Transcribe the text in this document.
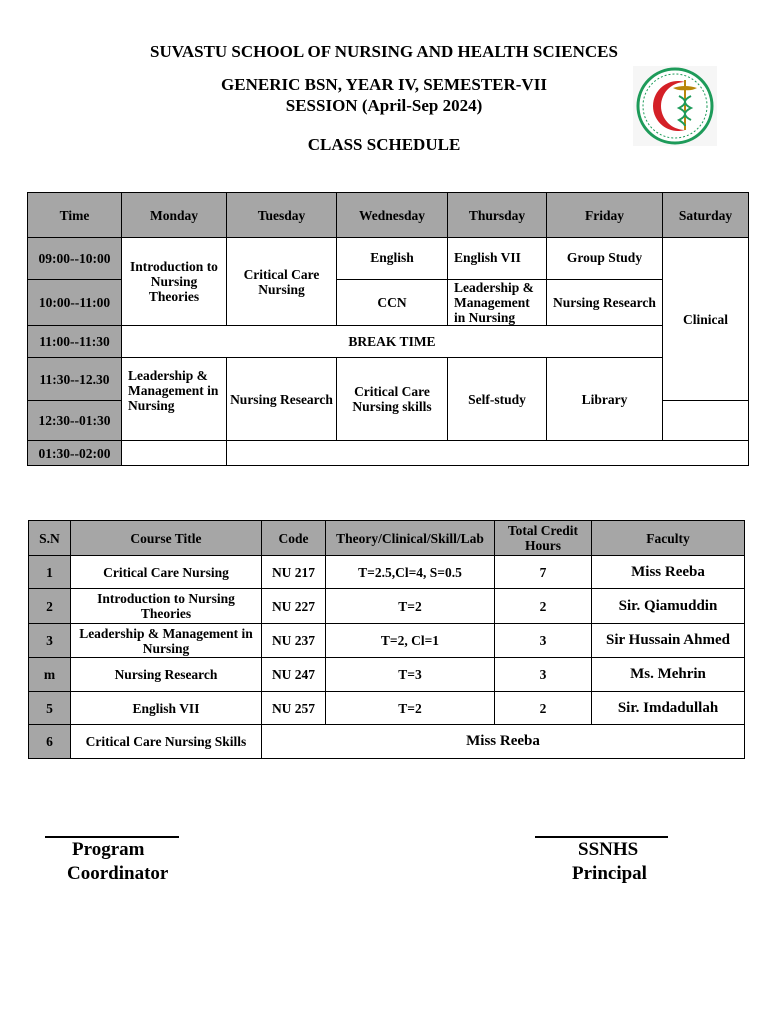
SUVASTU SCHOOL OF NURSING AND HEALTH SCIENCES
GENERIC BSN, YEAR IV, SEMESTER-VII
SESSION (April-Sep 2024)
CLASS SCHEDULE
Time	Monday	Tuesday	Wednesday	Thursday	Friday	Saturday
09:00--10:00	Introduction to Nursing Theories	Critical Care Nursing	English	English VII	Group Study	Clinical
10:00--11:00			CCN	Leadership & Management in Nursing	Nursing Research	
11:00--11:30	BREAK TIME					
11:30--12.30	Leadership & Management in Nursing	Nursing Research	Critical Care Nursing skills	Self-study	Library	
12:30--01:30						
01:30--02:00						
S.N	Course Title	Code	Theory/Clinical/Skill/Lab	Total Credit Hours	Faculty
1	Critical Care Nursing	NU 217	T=2.5,Cl=4, S=0.5	7	Miss Reeba
2	Introduction to Nursing Theories	NU 227	T=2	2	Sir. Qiamuddin
3	Leadership & Management in Nursing	NU 237	T=2, Cl=1	3	Sir Hussain Ahmed
m	Nursing Research	NU 247	T=3	3	Ms. Mehrin
5	English VII	NU 257	T=2	2	Sir. Imdadullah
6	Critical Care Nursing Skills	Miss Reeba			
Program
Coordinator
SSNHS
Principal
